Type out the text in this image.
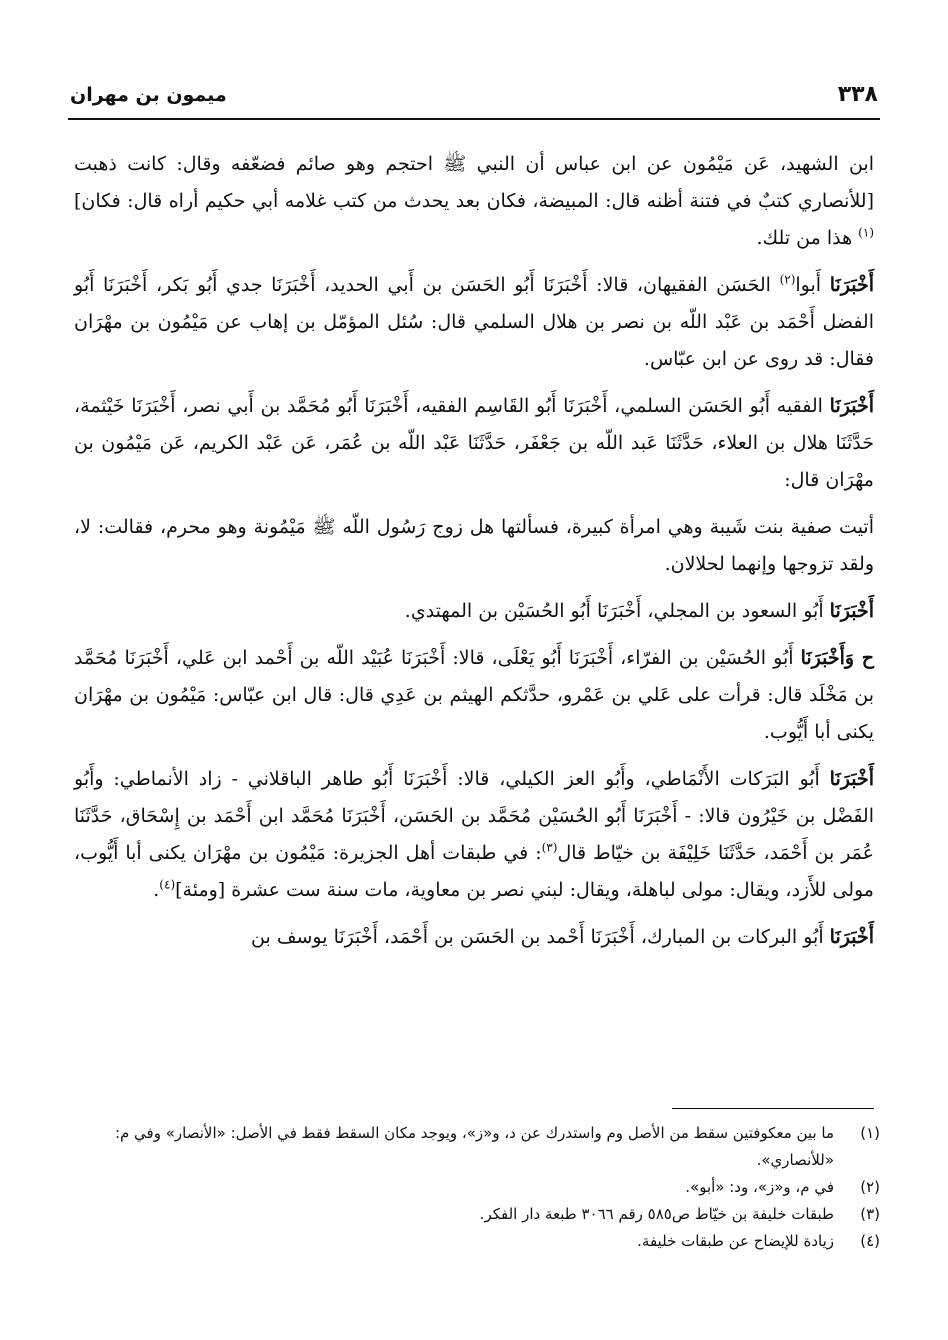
٣٣٨
ميمون بن مهران

ابن الشهيد، عَن مَيْمُون عن ابن عباس أن النبي ﷺ احتجم وهو صائم فضعّفه وقال: كانت ذهبت [للأنصاري كتبٌ في فتنة أظنه قال: المبيضة، فكان بعد يحدث من كتب غلامه أبي حكيم أراه قال: فكان]$^{(١)}$ هذا من تلك.

أَخْبَرَنَا أَبوا$^{(٢)}$ الحَسَن الفقيهان، قالا: أَخْبَرَنَا أَبُو الحَسَن بن أَبي الحديد، أَخْبَرَنَا جدي أَبُو بَكر، أَخْبَرَنَا أَبُو الفضل أَحْمَد بن عَبْد اللّه بن نصر بن هلال السلمي قال: سُئل المؤمّل بن إهاب عن مَيْمُون بن مهْرَان فقال: قد روى عن ابن عبّاس.

أَخْبَرَنَا الفقيه أَبُو الحَسَن السلمي، أَخْبَرَنَا أَبُو القَاسِم الفقيه، أَخْبَرَنَا أَبُو مُحَمَّد بن أَبي نصر، أَخْبَرَنَا خَيْثمة، حَدَّثَنَا هلال بن العلاء، حَدَّثَنَا عَبد اللّه بن جَعْفَر، حَدَّثَنَا عَبْد اللّه بن عُمَر، عَن عَبْد الكريم، عَن مَيْمُون بن مهْرَان قال:

أتيت صفية بنت شَيبة وهي امرأة كبيرة، فسألتها هل زوج رَسُول اللّه ﷺ مَيْمُونة وهو محرم، فقالت: لا، ولقد تزوجها وإنهما لحلالان.

أَخْبَرَنَا أَبُو السعود بن المجلي، أَخْبَرَنَا أَبُو الحُسَيْن بن المهتدي.

ح وَأَخْبَرَنَا أَبُو الحُسَيْن بن الفرّاء، أَخْبَرَنَا أَبُو يَعْلَى، قالا: أَخْبَرَنَا عُبَيْد اللّه بن أَحْمد ابن عَلي، أَخْبَرَنَا مُحَمَّد بن مَخْلَد قال: قرأت على عَلي بن عَمْرو، حدَّثكم الهيثم بن عَدِي قال: قال ابن عبّاس: مَيْمُون بن مهْرَان يكنى أبا أَيُّوب.

أَخْبَرَنَا أَبُو البَرَكات الأَنْمَاطي، وأَبُو العز الكيلي، قالا: أَخْبَرَنَا أَبُو طاهر الباقلاني - زاد الأنماطي: وأَبُو الفَضْل بن خَيْرُون قالا: - أَخْبَرَنَا أَبُو الحُسَيْن مُحَمَّد بن الحَسَن، أَخْبَرَنَا مُحَمَّد ابن أَحْمَد بن إِسْحَاق، حَدَّثَنَا عُمَر بن أَحْمَد، حَدَّثَنَا خَلِيْفَة بن خيّاط قال$^{(٣)}$: في طبقات أهل الجزيرة: مَيْمُون بن مهْرَان يكنى أبا أَيُّوب، مولى للأَزد، ويقال: مولى لباهلة، ويقال: لبني نصر بن معاوية، مات سنة ست عشرة [ومئة]$^{(٤)}$.

أَخْبَرَنَا أَبُو البركات بن المبارك، أَخْبَرَنَا أَحْمد بن الحَسَن بن أَحْمَد، أَخْبَرَنَا يوسف بن

(١)
ما بين معكوفتين سقط من الأصل وم واستدرك عن د، و«ز»، ويوجد مكان السقط فقط في الأصل: «الأنصار» وفي م: «للأنصاري».
(٢)
في م، و«ز»، ود: «أبو».
(٣)
طبقات خليفة بن خيّاط ص٥٨٥ رقم ٣٠٦٦ طبعة دار الفكر.
(٤)
زيادة للإيضاح عن طبقات خليفة.
